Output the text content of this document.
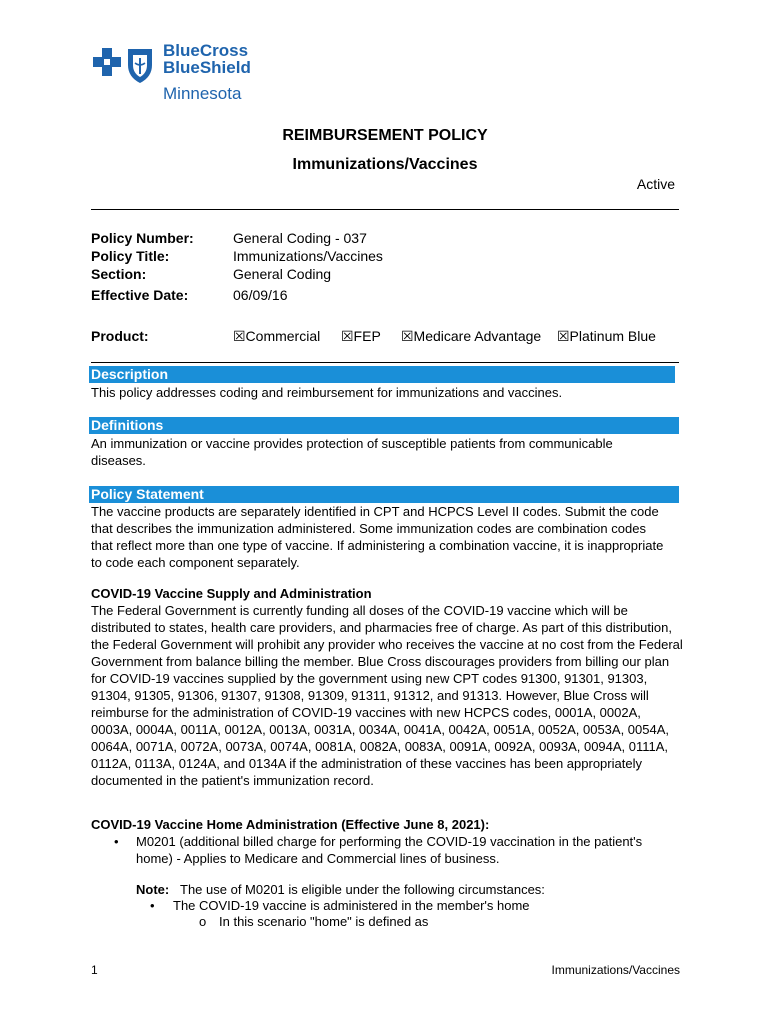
BlueCross
BlueShield
Minnesota
REIMBURSEMENT POLICY
Immunizations/Vaccines
Active
Policy Number:	General Coding - 037
Policy Title:	Immunizations/Vaccines
Section:	General Coding
Effective Date:	06/09/16
Product:	☒Commercial ☒FEP ☒Medicare Advantage ☒Platinum Blue
Description
This policy addresses coding and reimbursement for immunizations and vaccines.
Definitions
An immunization or vaccine provides protection of susceptible patients from communicable diseases.
Policy Statement
The vaccine products are separately identified in CPT and HCPCS Level II codes. Submit the code that describes the immunization administered. Some immunization codes are combination codes that reflect more than one type of vaccine. If administering a combination vaccine, it is inappropriate to code each component separately.
COVID-19 Vaccine Supply and Administration
The Federal Government is currently funding all doses of the COVID-19 vaccine which will be distributed to states, health care providers, and pharmacies free of charge. As part of this distribution, the Federal Government will prohibit any provider who receives the vaccine at no cost from the Federal Government from balance billing the member. Blue Cross discourages providers from billing our plan for COVID-19 vaccines supplied by the government using new CPT codes 91300, 91301, 91303, 91304, 91305, 91306, 91307, 91308, 91309, 91311, 91312, and 91313. However, Blue Cross will reimburse for the administration of COVID-19 vaccines with new HCPCS codes, 0001A, 0002A, 0003A, 0004A, 0011A, 0012A, 0013A, 0031A, 0034A, 0041A, 0042A, 0051A, 0052A, 0053A, 0054A, 0064A, 0071A, 0072A, 0073A, 0074A, 0081A, 0082A, 0083A, 0091A, 0092A, 0093A, 0094A, 0111A, 0112A, 0113A, 0124A, and 0134A if the administration of these vaccines has been appropriately documented in the patient's immunization record.
COVID-19 Vaccine Home Administration (Effective June 8, 2021):
• M0201 (additional billed charge for performing the COVID-19 vaccination in the patient's home) - Applies to Medicare and Commercial lines of business.
Note: The use of M0201 is eligible under the following circumstances:
• The COVID-19 vaccine is administered in the member's home
o In this scenario "home" is defined as
1	Immunizations/Vaccines
